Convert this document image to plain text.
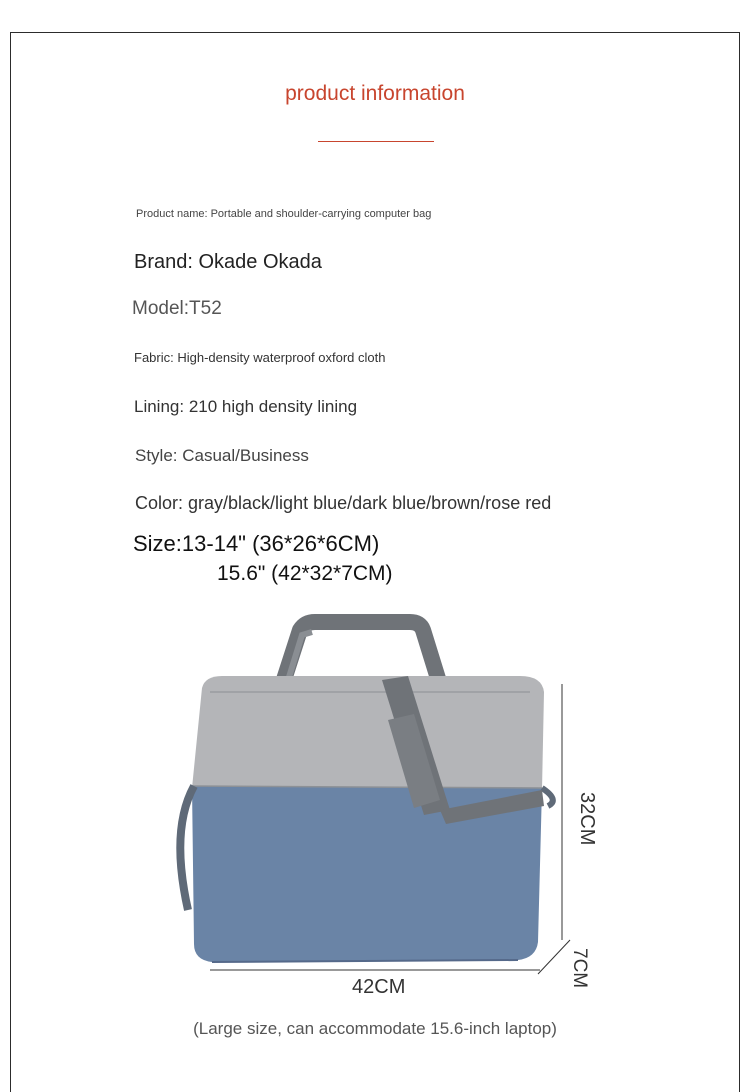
product information
Product name: Portable and shoulder-carrying computer bag
Brand: Okade Okada
Model:T52
Fabric: High-density waterproof oxford cloth
Lining: 210 high density lining
Style: Casual/Business
Color: gray/black/light blue/dark blue/brown/rose red
Size:13-14" (36*26*6CM)
15.6" (42*32*7CM)
42CM
32CM
7CM
(Large size, can accommodate 15.6-inch laptop)
